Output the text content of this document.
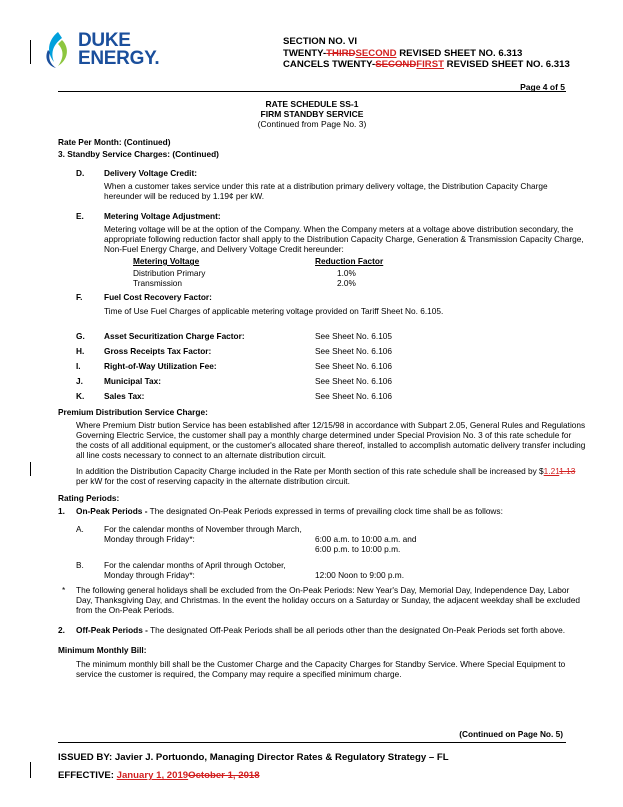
DUKE
ENERGY.
SECTION NO. VI
TWENTY-THIRDSECOND REVISED SHEET NO. 6.313
CANCELS TWENTY-SECONDFIRST REVISED SHEET NO. 6.313
Page 4 of 5
RATE SCHEDULE SS-1
FIRM STANDBY SERVICE
(Continued from Page No. 3)
Rate Per Month: (Continued)
3. Standby Service Charges: (Continued)
D. Delivery Voltage Credit:
When a customer takes service under this rate at a distribution primary delivery voltage, the Distribution Capacity Charge
hereunder will be reduced by 1.19¢ per kW.
E. Metering Voltage Adjustment:
Metering voltage will be at the option of the Company. When the Company meters at a voltage above distribution secondary, the
appropriate following reduction factor shall apply to the Distribution Capacity Charge, Generation & Transmission Capacity Charge,
Non-Fuel Energy Charge, and Delivery Voltage Credit hereunder:
Metering Voltage	Reduction Factor
Distribution Primary	1.0%
Transmission	2.0%
F.	Fuel Cost Recovery Factor:
Time of Use Fuel Charges of applicable metering voltage provided on Tariff Sheet No. 6.105.
G. Asset Securitization Charge Factor:	See Sheet No. 6.105
H. Gross Receipts Tax Factor:	See Sheet No. 6.106
I.	Right-of-Way Utilization Fee:	See Sheet No. 6.106
J.	Municipal Tax:	See Sheet No. 6.106
K. Sales Tax:	See Sheet No. 6.106
Premium Distribution Service Charge:
Where Premium Distr bution Service has been established after 12/15/98 in accordance with Subpart 2.05, General Rules and Regulations
Governing Electric Service, the customer shall pay a monthly charge determined under Special Provision No. 3 of this rate schedule for
the costs of all additional equipment, or the customer's allocated share thereof, installed to accomplish automatic delivery transfer including
all line costs necessary to connect to an alternate distribution circuit.
In addition the Distribution Capacity Charge included in the Rate per Month section of this rate schedule shall be increased by $1.211.13
per kW for the cost of reserving capacity in the alternate distribution circuit.
Rating Periods:
1. On-Peak Periods - The designated On-Peak Periods expressed in terms of prevailing clock time shall be as follows:
A. For the calendar months of November through March,
Monday through Friday*:	6:00 a.m. to 10:00 a.m. and
6:00 p.m. to 10:00 p.m.
B. For the calendar months of April through October,
Monday through Friday*:	12:00 Noon to 9:00 p.m.
* The following general holidays shall be excluded from the On-Peak Periods: New Year's Day, Memorial Day, Independence Day, Labor
Day, Thanksgiving Day, and Christmas. In the event the holiday occurs on a Saturday or Sunday, the adjacent weekday shall be excluded
from the On-Peak Periods.
2. Off-Peak Periods - The designated Off-Peak Periods shall be all periods other than the designated On-Peak Periods set forth above.
Minimum Monthly Bill:
The minimum monthly bill shall be the Customer Charge and the Capacity Charges for Standby Service. Where Special Equipment to
service the customer is required, the Company may require a specified minimum charge.
(Continued on Page No. 5)
ISSUED BY: Javier J. Portuondo, Managing Director Rates & Regulatory Strategy – FL
EFFECTIVE: January 1, 2019October 1, 2018
